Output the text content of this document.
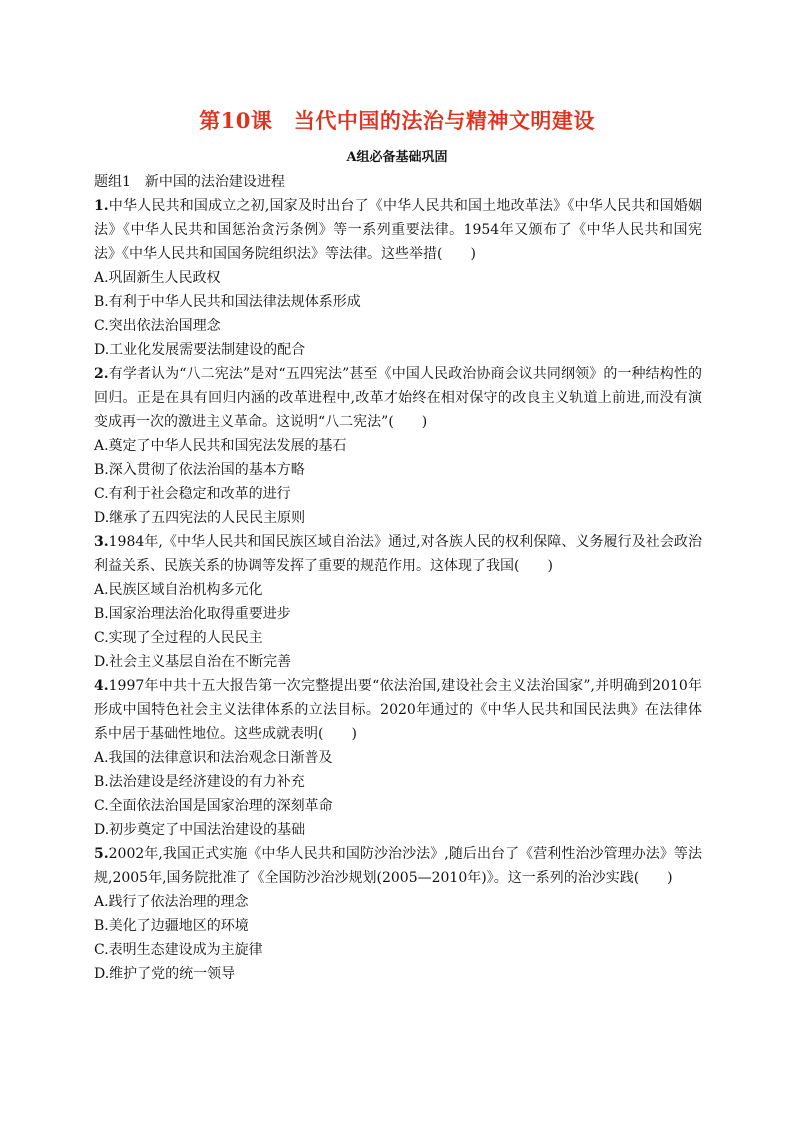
第10课　当代中国的法治与精神文明建设
A组必备基础巩固
题组1　新中国的法治建设进程
1.中华人民共和国成立之初,国家及时出台了《中华人民共和国土地改革法》《中华人民共和国婚姻法》《中华人民共和国惩治贪污条例》等一系列重要法律。1954年又颁布了《中华人民共和国宪法》《中华人民共和国国务院组织法》等法律。这些举措(　　)
A.巩固新生人民政权
B.有利于中华人民共和国法律法规体系形成
C.突出依法治国理念
D.工业化发展需要法制建设的配合
2.有学者认为“八二宪法”是对“五四宪法”甚至《中国人民政治协商会议共同纲领》的一种结构性的回归。正是在具有回归内涵的改革进程中,改革才始终在相对保守的改良主义轨道上前进,而没有演变成再一次的激进主义革命。这说明“八二宪法”(　　)
A.奠定了中华人民共和国宪法发展的基石
B.深入贯彻了依法治国的基本方略
C.有利于社会稳定和改革的进行
D.继承了五四宪法的人民民主原则
3.1984年,《中华人民共和国民族区域自治法》通过,对各族人民的权利保障、义务履行及社会政治利益关系、民族关系的协调等发挥了重要的规范作用。这体现了我国(　　)
A.民族区域自治机构多元化
B.国家治理法治化取得重要进步
C.实现了全过程的人民民主
D.社会主义基层自治在不断完善
4.1997年中共十五大报告第一次完整提出要“依法治国,建设社会主义法治国家”,并明确到2010年形成中国特色社会主义法律体系的立法目标。2020年通过的《中华人民共和国民法典》在法律体系中居于基础性地位。这些成就表明(　　)
A.我国的法律意识和法治观念日渐普及
B.法治建设是经济建设的有力补充
C.全面依法治国是国家治理的深刻革命
D.初步奠定了中国法治建设的基础
5.2002年,我国正式实施《中华人民共和国防沙治沙法》,随后出台了《营利性治沙管理办法》等法规,2005年,国务院批准了《全国防沙治沙规划(2005—2010年)》。这一系列的治沙实践(　　)
A.践行了依法治理的理念
B.美化了边疆地区的环境
C.表明生态建设成为主旋律
D.维护了党的统一领导
